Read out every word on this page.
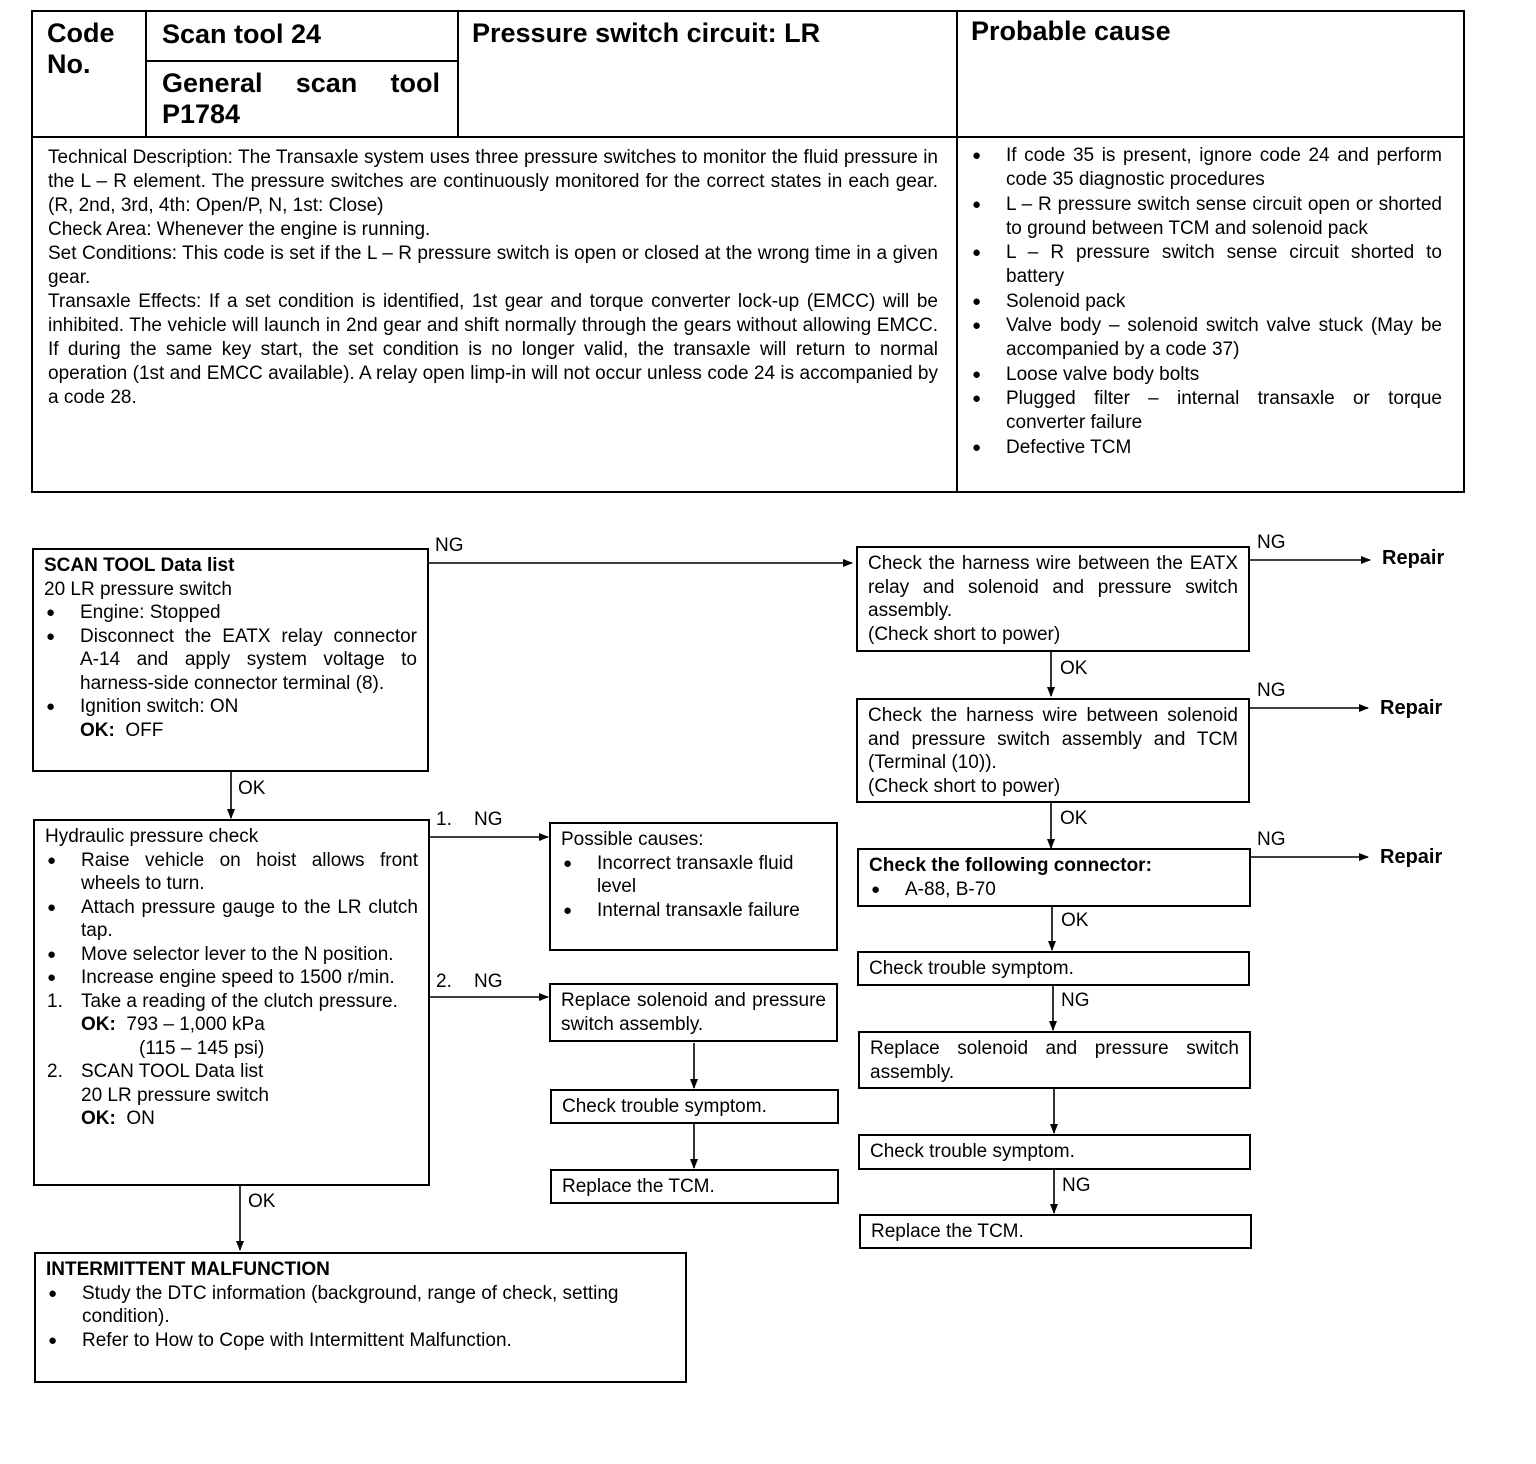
Code No.
Scan tool 24
General scan tool P1784
Pressure switch circuit: LR	Probable cause

Technical Description: The Transaxle system uses three pressure switches to monitor the fluid pressure in the L – R element. The pressure switches are continuously monitored for the correct states in each gear. (R, 2nd, 3rd, 4th: Open/P, N, 1st: Close)

Check Area: Whenever the engine is running.

Set Conditions: This code is set if the L – R pressure switch is open or closed at the wrong time in a given gear.

Transaxle Effects: If a set condition is identified, 1st gear and torque converter lock-up (EMCC) will be inhibited. The vehicle will launch in 2nd gear and shift normally through the gears without allowing EMCC. If during the same key start, the set condition is no longer valid, the transaxle will return to normal operation (1st and EMCC available). A relay open limp-in will not occur unless code 24 is accompanied by a code 28.

● If code 35 is present, ignore code 24 and perform code 35 diagnostic procedures
● L – R pressure switch sense circuit open or shorted to ground between TCM and solenoid pack
● L – R pressure switch sense circuit shorted to battery
● Solenoid pack
● Valve body – solenoid switch valve stuck (May be accompanied by a code 37)
● Loose valve body bolts
● Plugged filter – internal transaxle or torque converter failure
● Defective TCM
SCAN TOOL Data list
20 LR pressure switch
● Engine: Stopped
● Disconnect the EATX relay connector A-14 and apply system voltage to harness-side connector terminal (8).
● Ignition switch: ON
OK: OFF
Hydraulic pressure check
● Raise vehicle on hoist allows front wheels to turn.
● Attach pressure gauge to the LR clutch tap.
● Move selector lever to the N position.
● Increase engine speed to 1500 r/min.
1. Take a reading of the clutch pressure.
OK: 793 – 1,000 kPa
(115 – 145 psi)
2. SCAN TOOL Data list
20 LR pressure switch
OK: ON
Possible causes:
● Incorrect transaxle fluid level
● Internal transaxle failure
Replace solenoid and pressure switch assembly.
Check trouble symptom.
Replace the TCM.
INTERMITTENT MALFUNCTION
● Study the DTC information (background, range of check, setting condition).
● Refer to How to Cope with Intermittent Malfunction.
Check the harness wire between the EATX relay and solenoid and pressure switch assembly.
(Check short to power)
Check the harness wire between solenoid and pressure switch assembly and TCM (Terminal (10)).
(Check short to power)
Check the following connector:
● A-88, B-70
Check trouble symptom.
Replace solenoid and pressure switch assembly.
Check trouble symptom.
Replace the TCM.
NG
OK
1. NG
2. NG
OK
NG
OK
NG
OK
NG
OK
NG
NG
Repair
Repair
Repair
